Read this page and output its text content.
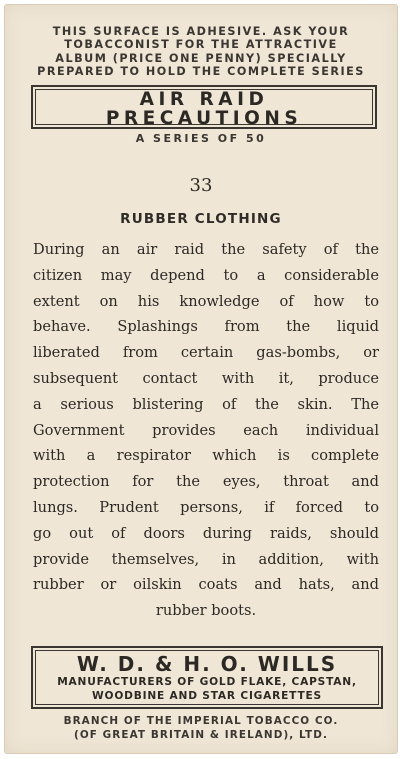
THIS SURFACE IS ADHESIVE. ASK YOUR
TOBACCONIST FOR THE ATTRACTIVE
ALBUM (PRICE ONE PENNY) SPECIALLY
PREPARED TO HOLD THE COMPLETE SERIES
AIR RAID
PRECAUTIONS
A SERIES OF 50
33
RUBBER CLOTHING
During an air raid the safety of the
citizen may depend to a considerable
extent on his knowledge of how to
behave. Splashings from the liquid
liberated from certain gas-bombs, or
subsequent contact with it, produce
a serious blistering of the skin. The
Government provides each individual
with a respirator which is complete
protection for the eyes, throat and
lungs. Prudent persons, if forced to
go out of doors during raids, should
provide themselves, in addition, with
rubber or oilskin coats and hats, and
rubber boots.
W. D. & H. O. WILLS
MANUFACTURERS OF GOLD FLAKE, CAPSTAN,
WOODBINE AND STAR CIGARETTES
BRANCH OF THE IMPERIAL TOBACCO CO.
(OF GREAT BRITAIN & IRELAND), LTD.
